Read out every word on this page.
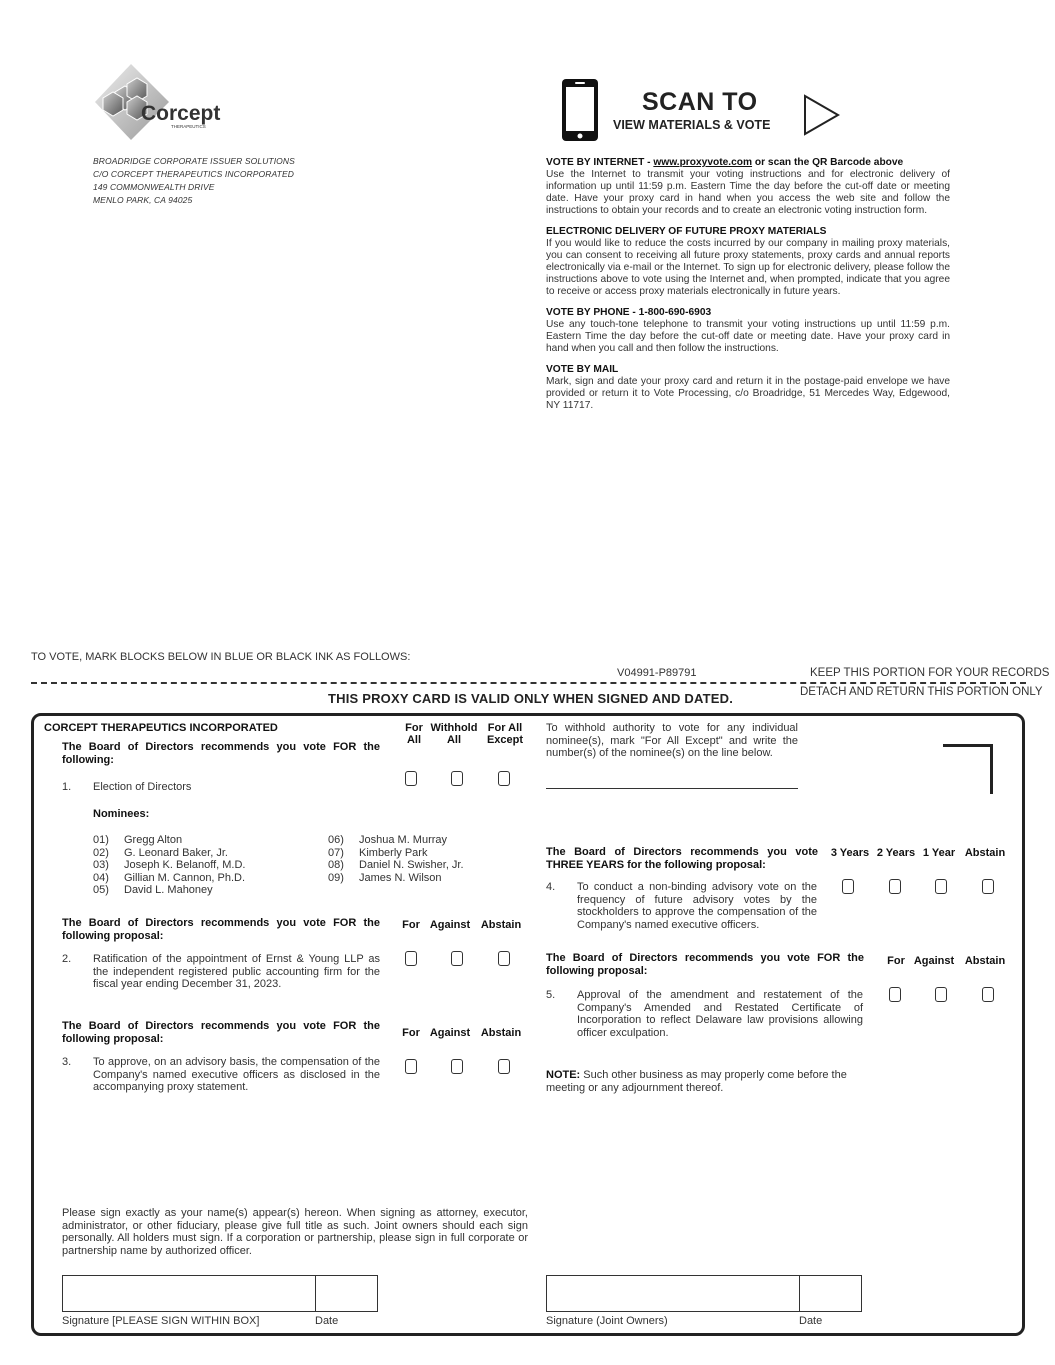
Corcept
THERAPEUTICS
BROADRIDGE CORPORATE ISSUER SOLUTIONS
C/O CORCEPT THERAPEUTICS INCORPORATED
149 COMMONWEALTH DRIVE
MENLO PARK, CA 94025
SCAN TO
VIEW MATERIALS & VOTE
VOTE BY INTERNET - www.proxyvote.com or scan the QR Barcode above

Use the Internet to transmit your voting instructions and for electronic delivery of information up until 11:59 p.m. Eastern Time the day before the cut-off date or meeting date. Have your proxy card in hand when you access the web site and follow the instructions to obtain your records and to create an electronic voting instruction form.

ELECTRONIC DELIVERY OF FUTURE PROXY MATERIALS

If you would like to reduce the costs incurred by our company in mailing proxy materials, you can consent to receiving all future proxy statements, proxy cards and annual reports electronically via e-mail or the Internet. To sign up for electronic delivery, please follow the instructions above to vote using the Internet and, when prompted, indicate that you agree to receive or access proxy materials electronically in future years.

VOTE BY PHONE - 1-800-690-6903

Use any touch-tone telephone to transmit your voting instructions up until 11:59 p.m. Eastern Time the day before the cut-off date or meeting date. Have your proxy card in hand when you call and then follow the instructions.

VOTE BY MAIL

Mark, sign and date your proxy card and return it in the postage-paid envelope we have provided or return it to Vote Processing, c/o Broadridge, 51 Mercedes Way, Edgewood, NY 11717.

TO VOTE, MARK BLOCKS BELOW IN BLUE OR BLACK INK AS FOLLOWS:
V04991-P89791	KEEP THIS PORTION FOR YOUR RECORDS
DETACH AND RETURN THIS PORTION ONLY
THIS PROXY CARD IS VALID ONLY WHEN SIGNED AND DATED.
CORCEPT THERAPEUTICS INCORPORATED
The Board of Directors recommends you vote FOR the following:
For All
Withhold All
For All Except
1. Election of Directors
Nominees:
01) Gregg Alton
02) G. Leonard Baker, Jr.
03) Joseph K. Belanoff, M.D.
04) Gillian M. Cannon, Ph.D.
05) David L. Mahoney
06) Joshua M. Murray
07) Kimberly Park
08) Daniel N. Swisher, Jr.
09) James N. Wilson
The Board of Directors recommends you vote FOR the following proposal:
For Against Abstain
2. Ratification of the appointment of Ernst & Young LLP as the independent registered public accounting firm for the fiscal year ending December 31, 2023.
The Board of Directors recommends you vote FOR the following proposal:	For Against Abstain
3. To approve, on an advisory basis, the compensation of the Company's named executive officers as disclosed in the accompanying proxy statement.
Please sign exactly as your name(s) appear(s) hereon. When signing as attorney, executor, administrator, or other fiduciary, please give full title as such. Joint owners should each sign personally. All holders must sign. If a corporation or partnership, please sign in full corporate or partnership name by authorized officer.
Signature [PLEASE SIGN WITHIN BOX]	Date
To withhold authority to vote for any individual nominee(s), mark "For All Except" and write the number(s) of the nominee(s) on the line below.
The Board of Directors recommends you vote THREE YEARS for the following proposal:
3 Years 2 Years 1 Year Abstain
4. To conduct a non-binding advisory vote on the frequency of future advisory votes by the stockholders to approve the compensation of the Company's named executive officers.
The Board of Directors recommends you vote FOR the following proposal:
For Against Abstain
5. Approval of the amendment and restatement of the Company's Amended and Restated Certificate of Incorporation to reflect Delaware law provisions allowing officer exculpation.
NOTE: Such other business as may properly come before the meeting or any adjournment thereof.
Signature (Joint Owners)	Date
